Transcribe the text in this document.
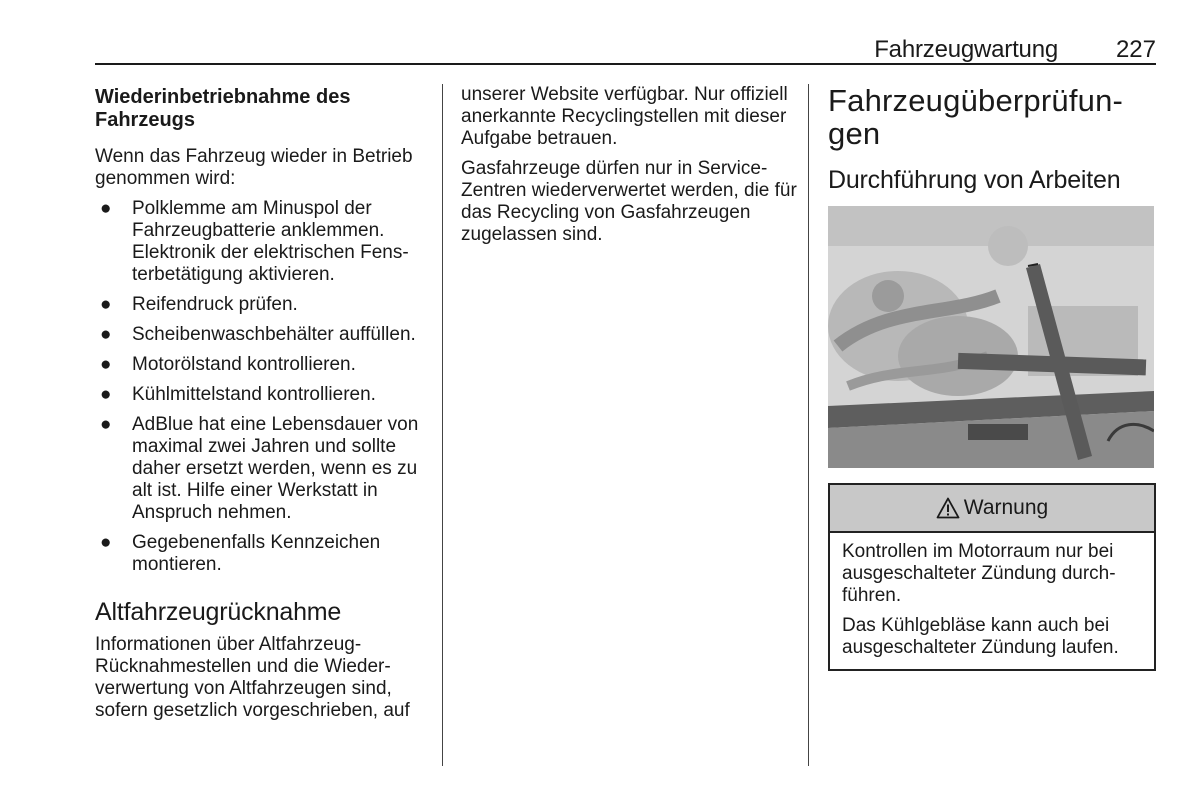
Fahrzeugwartung 227
Wiederinbetriebnahme des Fahrzeugs

Wenn das Fahrzeug wieder in Betrieb genommen wird:

● Polklemme am Minuspol der Fahrzeugbatterie anklemmen. Elektronik der elektrischen Fensterbetätigung aktivieren.
● Reifendruck prüfen.
● Scheibenwaschbehälter auffüllen.
● Motorölstand kontrollieren.
● Kühlmittelstand kontrollieren.
● AdBlue hat eine Lebensdauer von maximal zwei Jahren und sollte daher ersetzt werden, wenn es zu alt ist. Hilfe einer Werkstatt in Anspruch nehmen.
● Gegebenenfalls Kennzeichen montieren.
Altfahrzeugrücknahme

Informationen über Altfahrzeug-Rücknahmestellen und die Wiederverwertung von Altfahrzeugen sind, sofern gesetzlich vorgeschrieben, auf

unserer Website verfügbar. Nur offiziell anerkannte Recyclingstellen mit dieser Aufgabe betrauen.

Gasfahrzeuge dürfen nur in Service-Zentren wiederverwertet werden, die für das Recycling von Gasfahrzeugen zugelassen sind.

Fahrzeugüberprüfungen
Durchführung von Arbeiten
Warnung

Kontrollen im Motorraum nur bei ausgeschalteter Zündung durchführen.

Das Kühlgebläse kann auch bei ausgeschalteter Zündung laufen.
